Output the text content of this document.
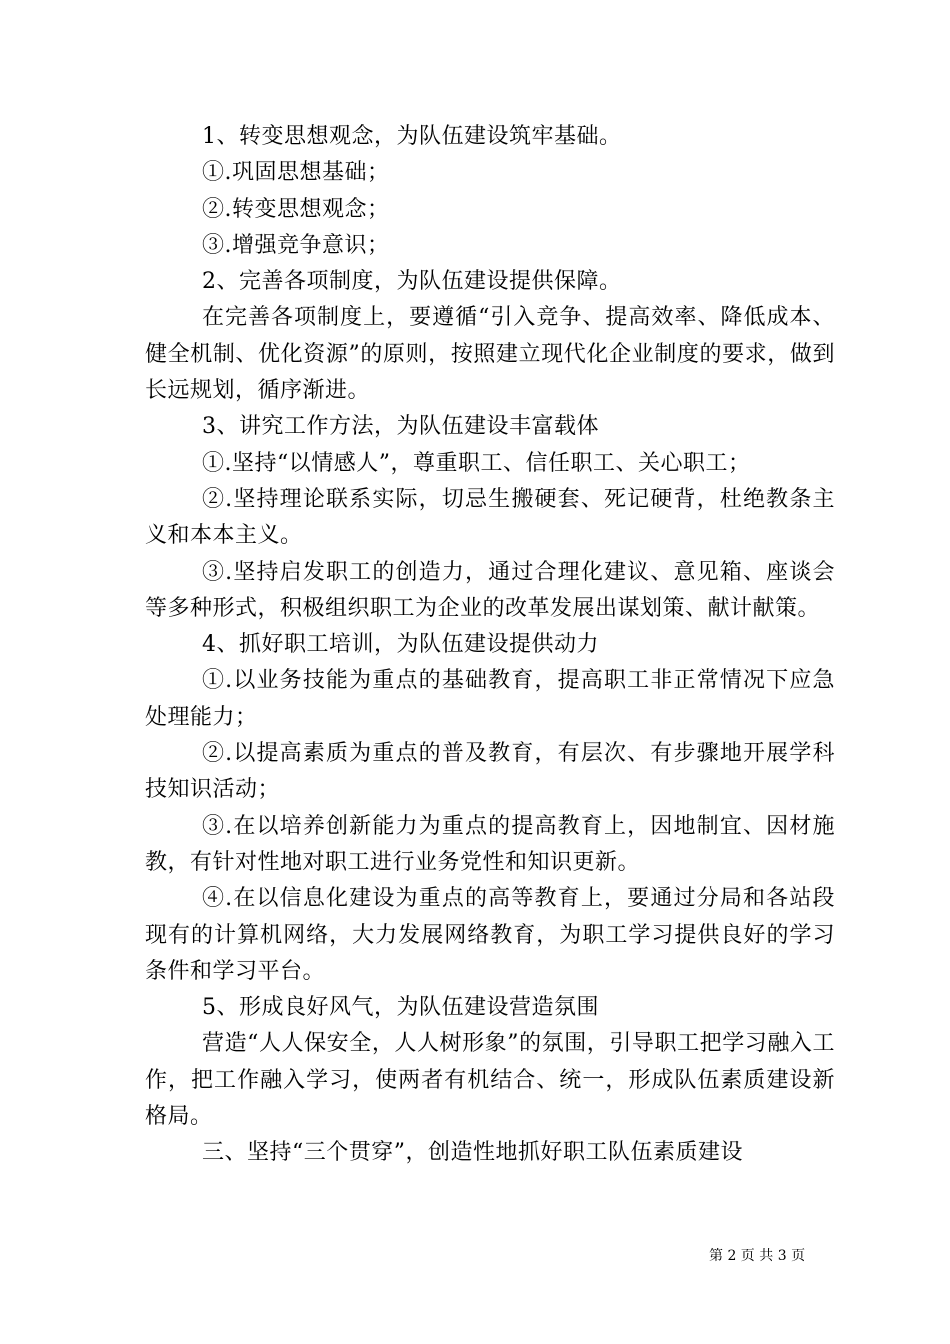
1、转变思想观念，为队伍建设筑牢基础。

①.巩固思想基础；

②.转变思想观念；

③.增强竞争意识；

2、完善各项制度，为队伍建设提供保障。

在完善各项制度上，要遵循“引入竞争、提高效率、降低成本、健全机制、优化资源”的原则，按照建立现代化企业制度的要求，做到长远规划，循序渐进。

3、讲究工作方法，为队伍建设丰富载体

①.坚持“以情感人”，尊重职工、信任职工、关心职工；

②.坚持理论联系实际，切忌生搬硬套、死记硬背，杜绝教条主义和本本主义。

③.坚持启发职工的创造力，通过合理化建议、意见箱、座谈会等多种形式，积极组织职工为企业的改革发展出谋划策、献计献策。

4、抓好职工培训，为队伍建设提供动力

①.以业务技能为重点的基础教育，提高职工非正常情况下应急处理能力；

②.以提高素质为重点的普及教育，有层次、有步骤地开展学科技知识活动；

③.在以培养创新能力为重点的提高教育上，因地制宜、因材施教，有针对性地对职工进行业务党性和知识更新。

④.在以信息化建设为重点的高等教育上，要通过分局和各站段现有的计算机网络，大力发展网络教育，为职工学习提供良好的学习条件和学习平台。

5、形成良好风气，为队伍建设营造氛围

营造“人人保安全，人人树形象”的氛围，引导职工把学习融入工作，把工作融入学习，使两者有机结合、统一，形成队伍素质建设新格局。

三、坚持“三个贯穿”，创造性地抓好职工队伍素质建设

第 2 页 共 3 页
